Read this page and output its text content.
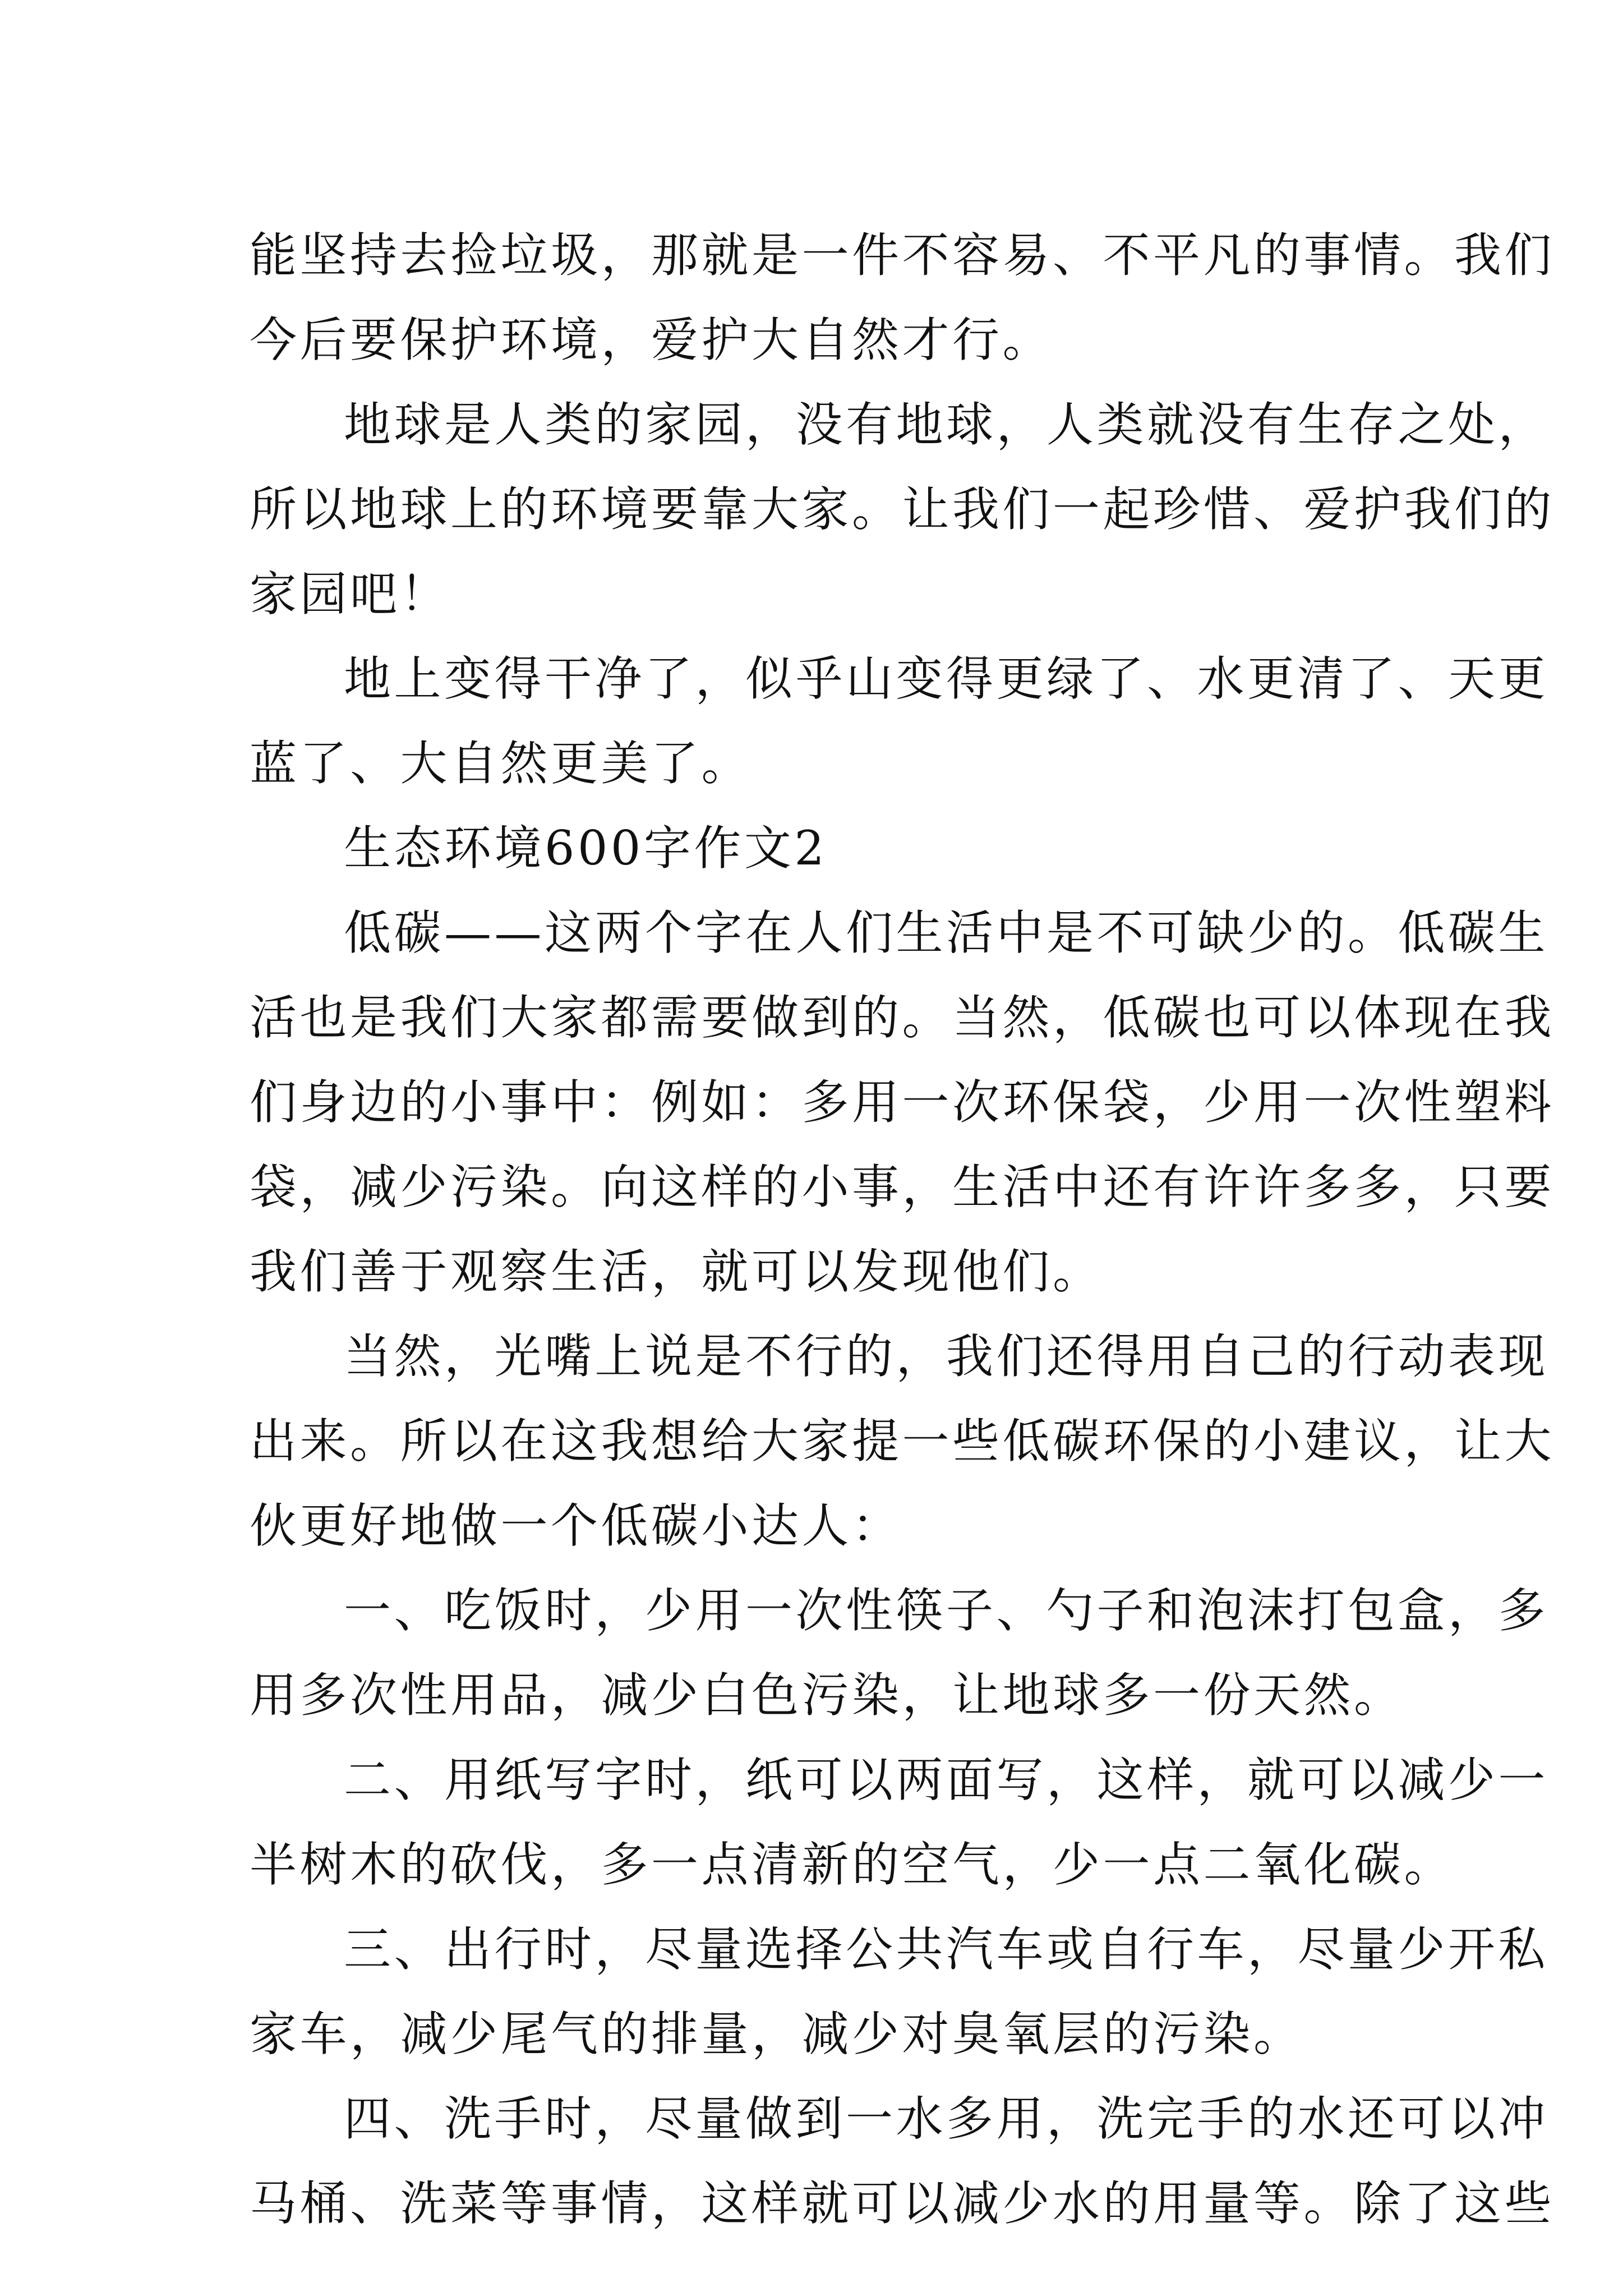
能坚持去捡垃圾，那就是一件不容易、不平凡的事情。我们
今后要保护环境，爱护大自然才行。
地球是人类的家园，没有地球，人类就没有生存之处，
所以地球上的环境要靠大家。让我们一起珍惜、爱护我们的
家园吧！
地上变得干净了，似乎山变得更绿了、水更清了、天更
蓝了、大自然更美了。
生态环境600字作文2
低碳——这两个字在人们生活中是不可缺少的。低碳生
活也是我们大家都需要做到的。当然，低碳也可以体现在我
们身边的小事中：例如：多用一次环保袋，少用一次性塑料
袋，减少污染。向这样的小事，生活中还有许许多多，只要
我们善于观察生活，就可以发现他们。
当然，光嘴上说是不行的，我们还得用自己的行动表现
出来。所以在这我想给大家提一些低碳环保的小建议，让大
伙更好地做一个低碳小达人：
一、吃饭时，少用一次性筷子、勺子和泡沫打包盒，多
用多次性用品，减少白色污染，让地球多一份天然。
二、用纸写字时，纸可以两面写，这样，就可以减少一
半树木的砍伐，多一点清新的空气，少一点二氧化碳。
三、出行时，尽量选择公共汽车或自行车，尽量少开私
家车，减少尾气的排量，减少对臭氧层的污染。
四、洗手时，尽量做到一水多用，洗完手的水还可以冲
马桶、洗菜等事情，这样就可以减少水的用量等。除了这些
